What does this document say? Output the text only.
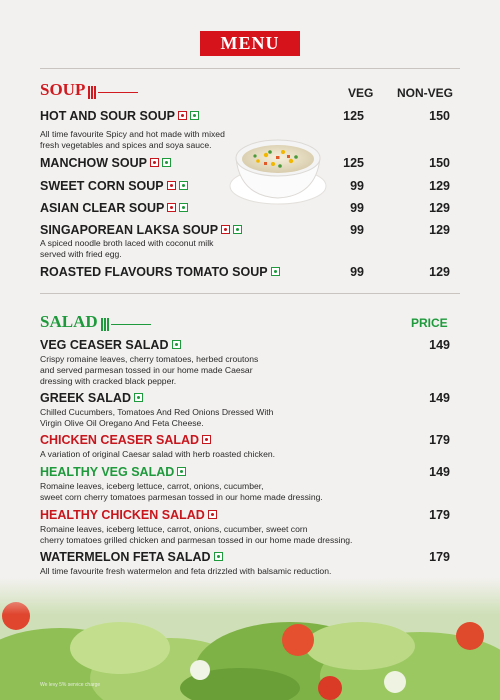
MENU
SOUP	VEG NON-VEG
HOT AND SOUR SOUP
All time favourite Spicy and hot made with mixed
fresh vegetables and spices and soya sauce.
125	150
MANCHOW SOUP	125	150
SWEET CORN SOUP	99	129
ASIAN CLEAR SOUP	99	129
SINGAPOREAN LAKSA SOUP
A spiced noodle broth laced with coconut milk
served with fried egg.
99	129
ROASTED FLAVOURS TOMATO SOUP	99	129
SALAD	PRICE
VEG CEASER SALAD
Crispy romaine leaves, cherry tomatoes, herbed croutons
and served parmesan tossed in our home made Caesar
dressing with cracked black pepper.
149
GREEK SALAD
Chilled Cucumbers, Tomatoes And Red Onions Dressed With
Virgin Olive Oil Oregano And Feta Cheese.
149
CHICKEN CEASER SALAD
A variation of original Caesar salad with herb roasted chicken.
179
HEALTHY VEG SALAD
Romaine leaves, iceberg lettuce, carrot, onions, cucumber,
sweet corn cherry tomatoes parmesan tossed in our home made dressing.
149
HEALTHY CHICKEN SALAD
Romaine leaves, iceberg lettuce, carrot, onions, cucumber, sweet corn
cherry tomatoes grilled chicken and parmesan tossed in our home made dressing.
179
WATERMELON FETA SALAD
All time favourite fresh watermelon and feta drizzled with balsamic reduction.
179
We levy 5% service charge
